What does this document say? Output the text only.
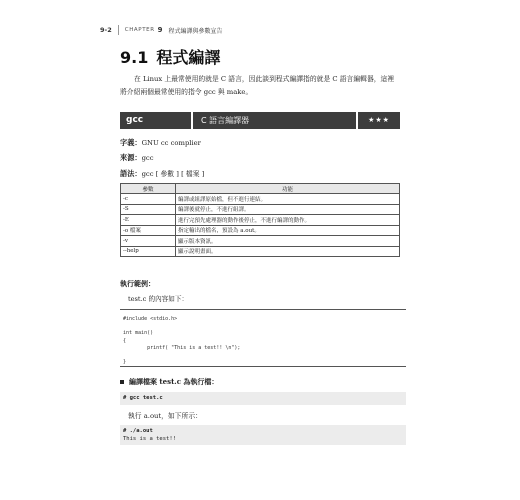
9-2 CHAPTER 9 程式編譯與參數宣告
9.1 程式編譯

在 Linux 上最常使用的就是 C 語言，因此談到程式編譯指的就是 C 語言編輯器，這裡將介紹兩個最常使用的指令 gcc 與 make。

gcc	C 語言編譯器	★★★
字義：GNU cc complier
來源：gcc
語法：gcc [ 參數 ] [ 檔案 ]
參數	功能
-c	編譯或組譯原始檔，但不進行連結。
-S	編譯後就停止，不進行組譯。
-E	進行完預先處理器的動作後停止，不進行編譯的動作。
-o 檔案	指定輸出的檔名，預設為 a.out。
-v	顯示版本資訊。
--help	顯示說明畫面。
執行範例：
test.c 的內容如下：
#include <stdio.h>

int main()
{
printf( "This is a test!! \n");

}
編譯檔案 test.c 為執行檔：
# gcc test.c
執行 a.out，如下所示：
# ./a.out
This is a test!!
